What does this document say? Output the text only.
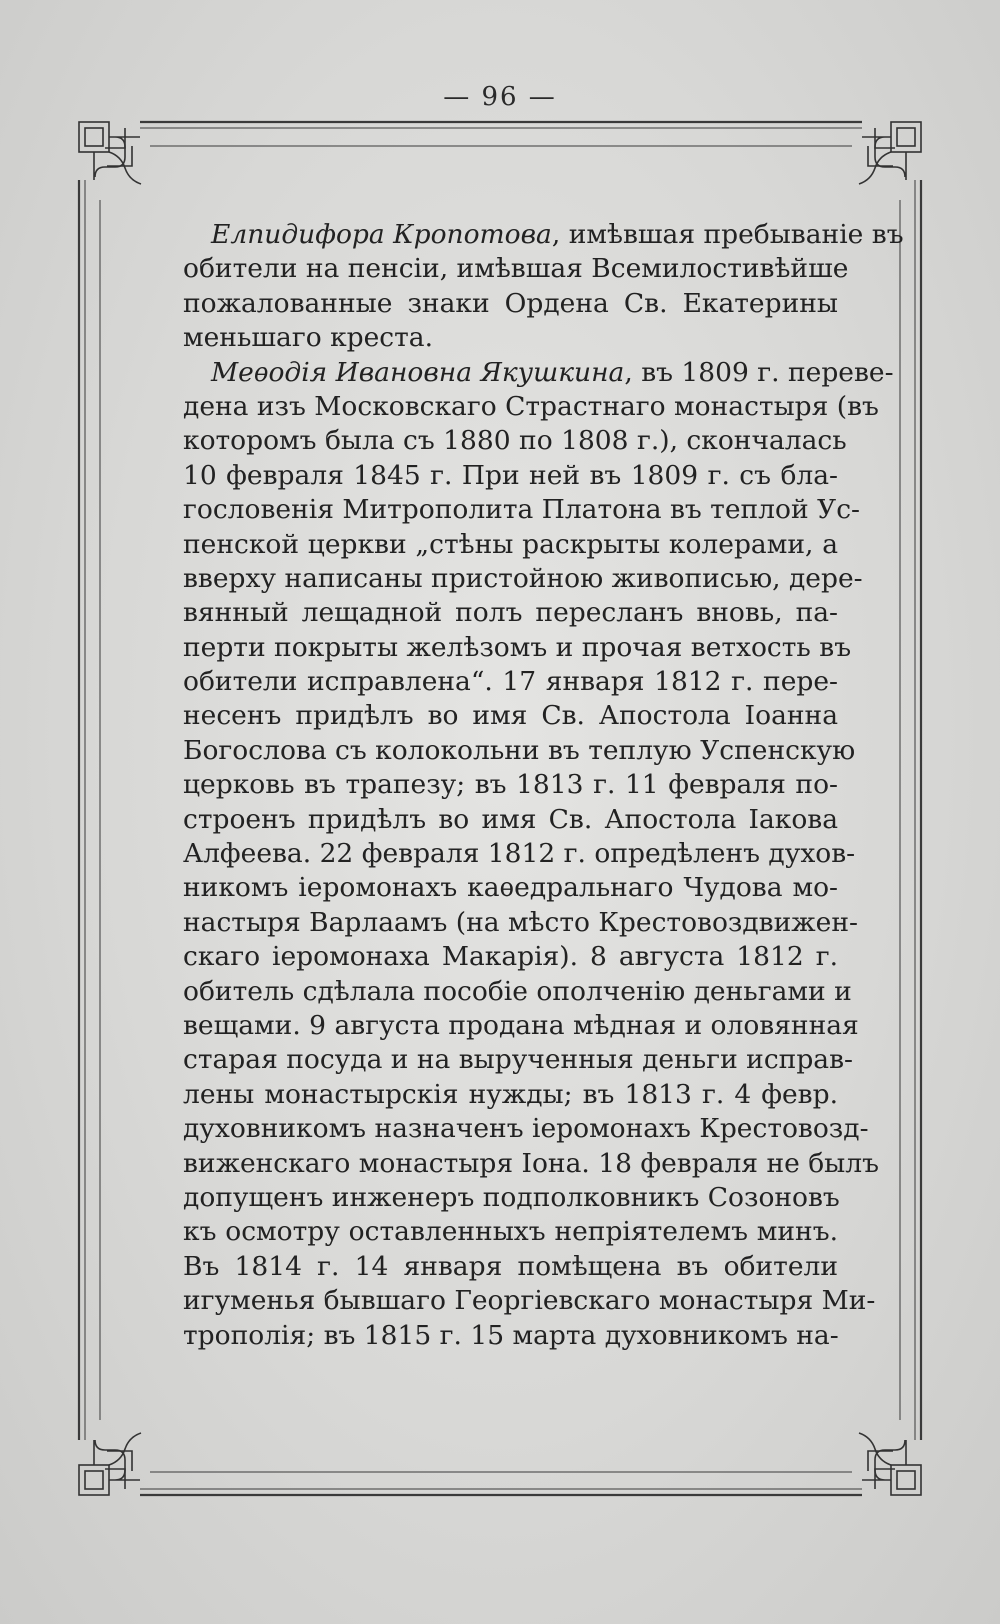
— 96 —
Елпидифора Кропотова, имѣвшая пребываніе въ
обители на пенсіи, имѣвшая Всемилостивѣйше
пожалованные знаки Ордена Св. Екатерины
меньшаго креста.
Меѳодія Ивановна Якушкина, въ 1809 г. переве-
дена изъ Московскаго Страстнаго монастыря (въ
которомъ была съ 1880 по 1808 г.), скончалась
10 февраля 1845 г. При ней въ 1809 г. съ бла-
гословенія Митрополита Платона въ теплой Ус-
пенской церкви „стѣны раскрыты колерами, а
вверху написаны пристойною живописью, дере-
вянный лещадной полъ пересланъ вновь, па-
перти покрыты желѣзомъ и прочая ветхость въ
обители исправлена“. 17 января 1812 г. пере-
несенъ придѣлъ во имя Св. Апостола Іоанна
Богослова съ колокольни въ теплую Успенскую
церковь въ трапезу; въ 1813 г. 11 февраля по-
строенъ придѣлъ во имя Св. Апостола Іакова
Алфеева. 22 февраля 1812 г. опредѣленъ духов-
никомъ іеромонахъ каѳедральнаго Чудова мо-
настыря Варлаамъ (на мѣсто Крестовоздвижен-
скаго іеромонаха Макарія). 8 августа 1812 г.
обитель сдѣлала пособіе ополченію деньгами и
вещами. 9 августа продана мѣдная и оловянная
старая посуда и на вырученныя деньги исправ-
лены монастырскія нужды; въ 1813 г. 4 февр.
духовникомъ назначенъ іеромонахъ Крестовозд-
виженскаго монастыря Іона. 18 февраля не былъ
допущенъ инженеръ подполковникъ Созоновъ
къ осмотру оставленныхъ непріятелемъ минъ.
Въ 1814 г. 14 января помѣщена въ обители
игуменья бывшаго Георгіевскаго монастыря Ми-
трополія; въ 1815 г. 15 марта духовникомъ на-
